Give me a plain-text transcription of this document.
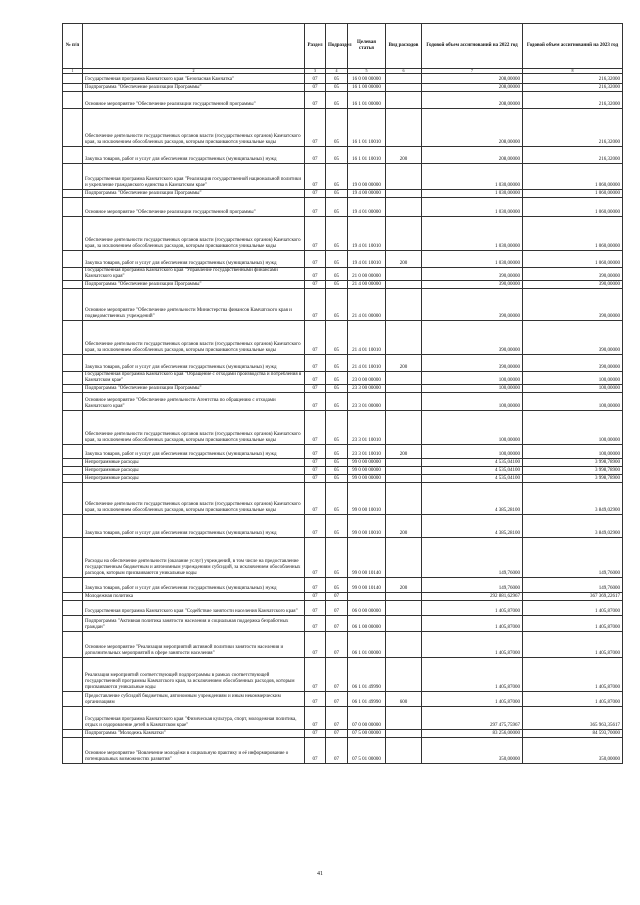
№ п/п		Раздел	Подраздел	Целевая статья	Вид расходов	Годовой объем ассигнований на 2022 год	Годовой объем ассигнований на 2023 год
1	2	3	4	5	6	7	8
	Государственная программа Камчатского края "Безопасная Камчатка"	07	05	16 0 00 00000		208,00000	216,32000
	Подпрограмма "Обеспечение реализации Программы"	07	05	16 1 00 00000		208,00000	216,32000
	Основное мероприятие "Обеспечение реализации государственной программы"	07	05	16 1 01 00000		208,00000	216,32000
	Обеспечение деятельности государственных органов власти (государственных органов) Камчатского края, за исключением обособленных расходов, которым присваиваются уникальные коды	07	05	16 1 01 10010		208,00000	216,32000
	Закупка товаров, работ и услуг для обеспечения государственных (муниципальных) нужд	07	05	16 1 01 10010	200	208,00000	216,32000
	Государственная программа Камчатского края "Реализация государственной национальной политики и укрепление гражданского единства в Камчатском крае"	07	05	19 0 00 00000		1 030,00000	1 060,00000
	Подпрограмма "Обеспечение реализации Программы"	07	05	19 4 00 00000		1 030,00000	1 060,00000
	Основное мероприятие "Обеспечение реализации государственной программы"	07	05	19 4 01 00000		1 030,00000	1 060,00000
	Обеспечение деятельности государственных органов власти (государственных органов) Камчатского края, за исключением обособленных расходов, которым присваиваются уникальные коды	07	05	19 4 01 10010		1 030,00000	1 060,00000
	Закупка товаров, работ и услуг для обеспечения государственных (муниципальных) нужд	07	05	19 4 01 10010	200	1 030,00000	1 060,00000
	Государственная программа Камчатского края "Управление государственными финансами Камчатского края"	07	05	21 0 00 00000		390,00000	390,00000
	Подпрограмма "Обеспечение реализации Программы"	07	05	21 4 00 00000		390,00000	390,00000
	Основное мероприятие "Обеспечение деятельности Министерства финансов Камчатского края и подведомственных учреждений"	07	05	21 4 01 00000		390,00000	390,00000
	Обеспечение деятельности государственных органов власти (государственных органов) Камчатского края, за исключением обособленных расходов, которым присваиваются уникальные коды	07	05	21 4 01 10010		390,00000	390,00000
	Закупка товаров, работ и услуг для обеспечения государственных (муниципальных) нужд	07	05	21 4 01 10010	200	390,00000	390,00000
	Государственная программа Камчатского края "Обращение с отходами производства и потребления в Камчатском крае"	07	05	23 0 00 00000		100,00000	100,00000
	Подпрограмма "Обеспечение реализации Программы"	07	05	23 3 00 00000		100,00000	100,00000
	Основное мероприятие "Обеспечение деятельности Агентства по обращению с отходами Камчатского края"	07	05	23 3 01 00000		100,00000	100,00000
	Обеспечение деятельности государственных органов власти (государственных органов) Камчатского края, за исключением обособленных расходов, которым присваиваются уникальные коды	07	05	23 3 01 10010		100,00000	100,00000
	Закупка товаров, работ и услуг для обеспечения государственных (муниципальных) нужд	07	05	23 3 01 10010	200	100,00000	100,00000
	Непрограммные расходы	07	05	99 0 00 00000		4 535,04100	3 998,78900
	Непрограммные расходы	07	05	99 0 00 00000		4 535,04100	3 998,78900
	Непрограммные расходы	07	05	99 0 00 00000		4 535,04100	3 998,78900
	Обеспечение деятельности государственных органов власти (государственных органов) Камчатского края, за исключением обособленных расходов, которым присваиваются уникальные коды	07	05	99 0 00 10010		4 385,28100	3 849,02900
	Закупка товаров, работ и услуг для обеспечения государственных (муниципальных) нужд	07	05	99 0 00 10010	200	4 385,28100	3 849,02900
	Расходы на обеспечение деятельности (оказание услуг) учреждений, в том числе на предоставление государственным бюджетным и автономным учреждениям субсидий, за исключением обособленных расходов, которым присваиваются уникальные коды	07	05	99 0 00 10140		149,76000	149,76000
	Закупка товаров, работ и услуг для обеспечения государственных (муниципальных) нужд	07	05	99 0 00 10140	200	149,76000	149,76000
	Молодежная политика	07	07			292 881,62967	367 369,22617
	Государственная программа Камчатского края "Содействие занятости населения Камчатского края"	07	07	06 0 00 00000		1 405,87000	1 405,87000
	Подпрограмма "Активная политика занятости населения и социальная поддержка безработных граждан"	07	07	06 1 00 00000		1 405,87000	1 405,87000
	Основное мероприятие "Реализация мероприятий активной политики занятости населения и дополнительных мероприятий в сфере занятости населения"	07	07	06 1 01 00000		1 405,87000	1 405,87000
	Реализация мероприятий соответствующей подпрограммы в рамках соответствующей государственной программы Камчатского края, за исключением обособленных расходов, которым присваиваются уникальные коды	07	07	06 1 01 49990		1 405,87000	1 405,87000
	Предоставление субсидий бюджетным, автономным учреждениям и иным некоммерческим организациям	07	07	06 1 01 49990	600	1 405,87000	1 405,87000
	Государственная программа Камчатского края "Физическая культура, спорт, молодежная политика, отдых и оздоровление детей в Камчатском крае"	07	07	07 0 00 00000		297 475,75967	365 963,35617
	Подпрограмма "Молодежь Камчатки"	07	07	07 5 00 00000		83 256,00000	84 593,70000
	Основное мероприятие "Вовлечение молодёжи в социальную практику и её информирование о потенциальных возможностях развития"	07	07	07 5 01 00000		350,00000	350,00000
41
